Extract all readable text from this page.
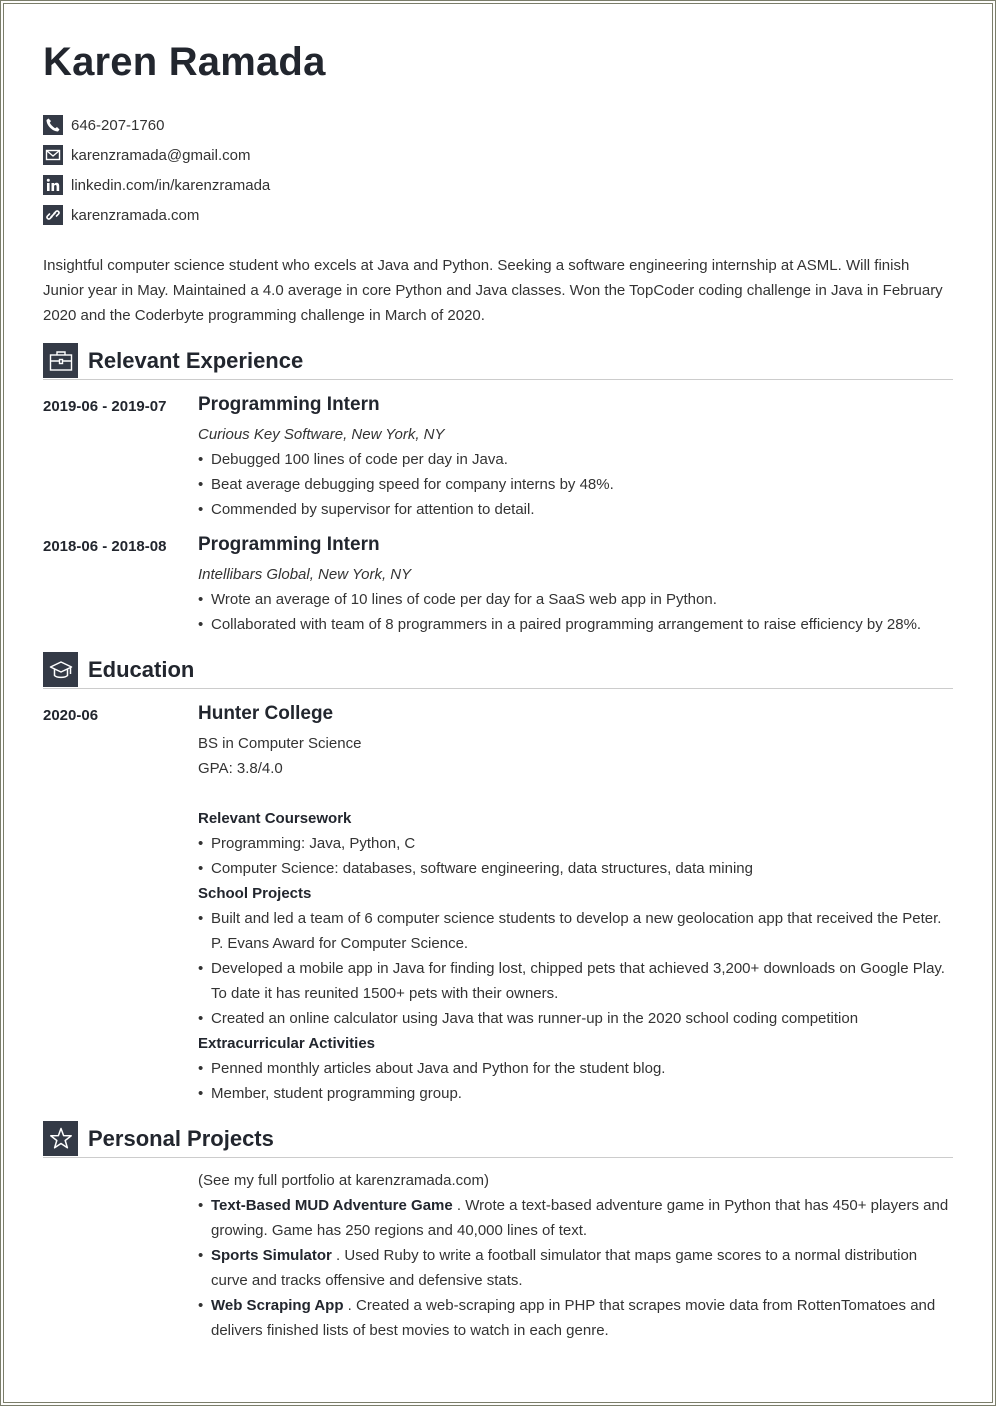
Karen Ramada
646-207-1760
karenzramada@gmail.com
linkedin.com/in/karenzramada
karenzramada.com
Insightful computer science student who excels at Java and Python. Seeking a software engineering internship at ASML. Will finish Junior year in May. Maintained a 4.0 average in core Python and Java classes. Won the TopCoder coding challenge in Java in February 2020 and the Coderbyte programming challenge in March of 2020.
Relevant Experience
2019-06 - 2019-07 Programming Intern
Curious Key Software, New York, NY
• Debugged 100 lines of code per day in Java.
• Beat average debugging speed for company interns by 48%.
• Commended by supervisor for attention to detail.
2018-06 - 2018-08 Programming Intern
Intellibars Global, New York, NY
• Wrote an average of 10 lines of code per day for a SaaS web app in Python.
• Collaborated with team of 8 programmers in a paired programming arrangement to raise efficiency by 28%.
Education
2020-06	Hunter College
BS in Computer Science
GPA: 3.8/4.0

Relevant Coursework
• Programming: Java, Python, C
• Computer Science: databases, software engineering, data structures, data mining
School Projects
• Built and led a team of 6 computer science students to develop a new geolocation app that received the Peter. P. Evans Award for Computer Science.
• Developed a mobile app in Java for finding lost, chipped pets that achieved 3,200+ downloads on Google Play. To date it has reunited 1500+ pets with their owners.
• Created an online calculator using Java that was runner-up in the 2020 school coding competition
Extracurricular Activities
• Penned monthly articles about Java and Python for the student blog.
• Member, student programming group.
Personal Projects
(See my full portfolio at karenzramada.com)
• Text-Based MUD Adventure Game . Wrote a text-based adventure game in Python that has 450+ players and growing. Game has 250 regions and 40,000 lines of text.
• Sports Simulator . Used Ruby to write a football simulator that maps game scores to a normal distribution curve and tracks offensive and defensive stats.
• Web Scraping App . Created a web-scraping app in PHP that scrapes movie data from RottenTomatoes and delivers finished lists of best movies to watch in each genre.
